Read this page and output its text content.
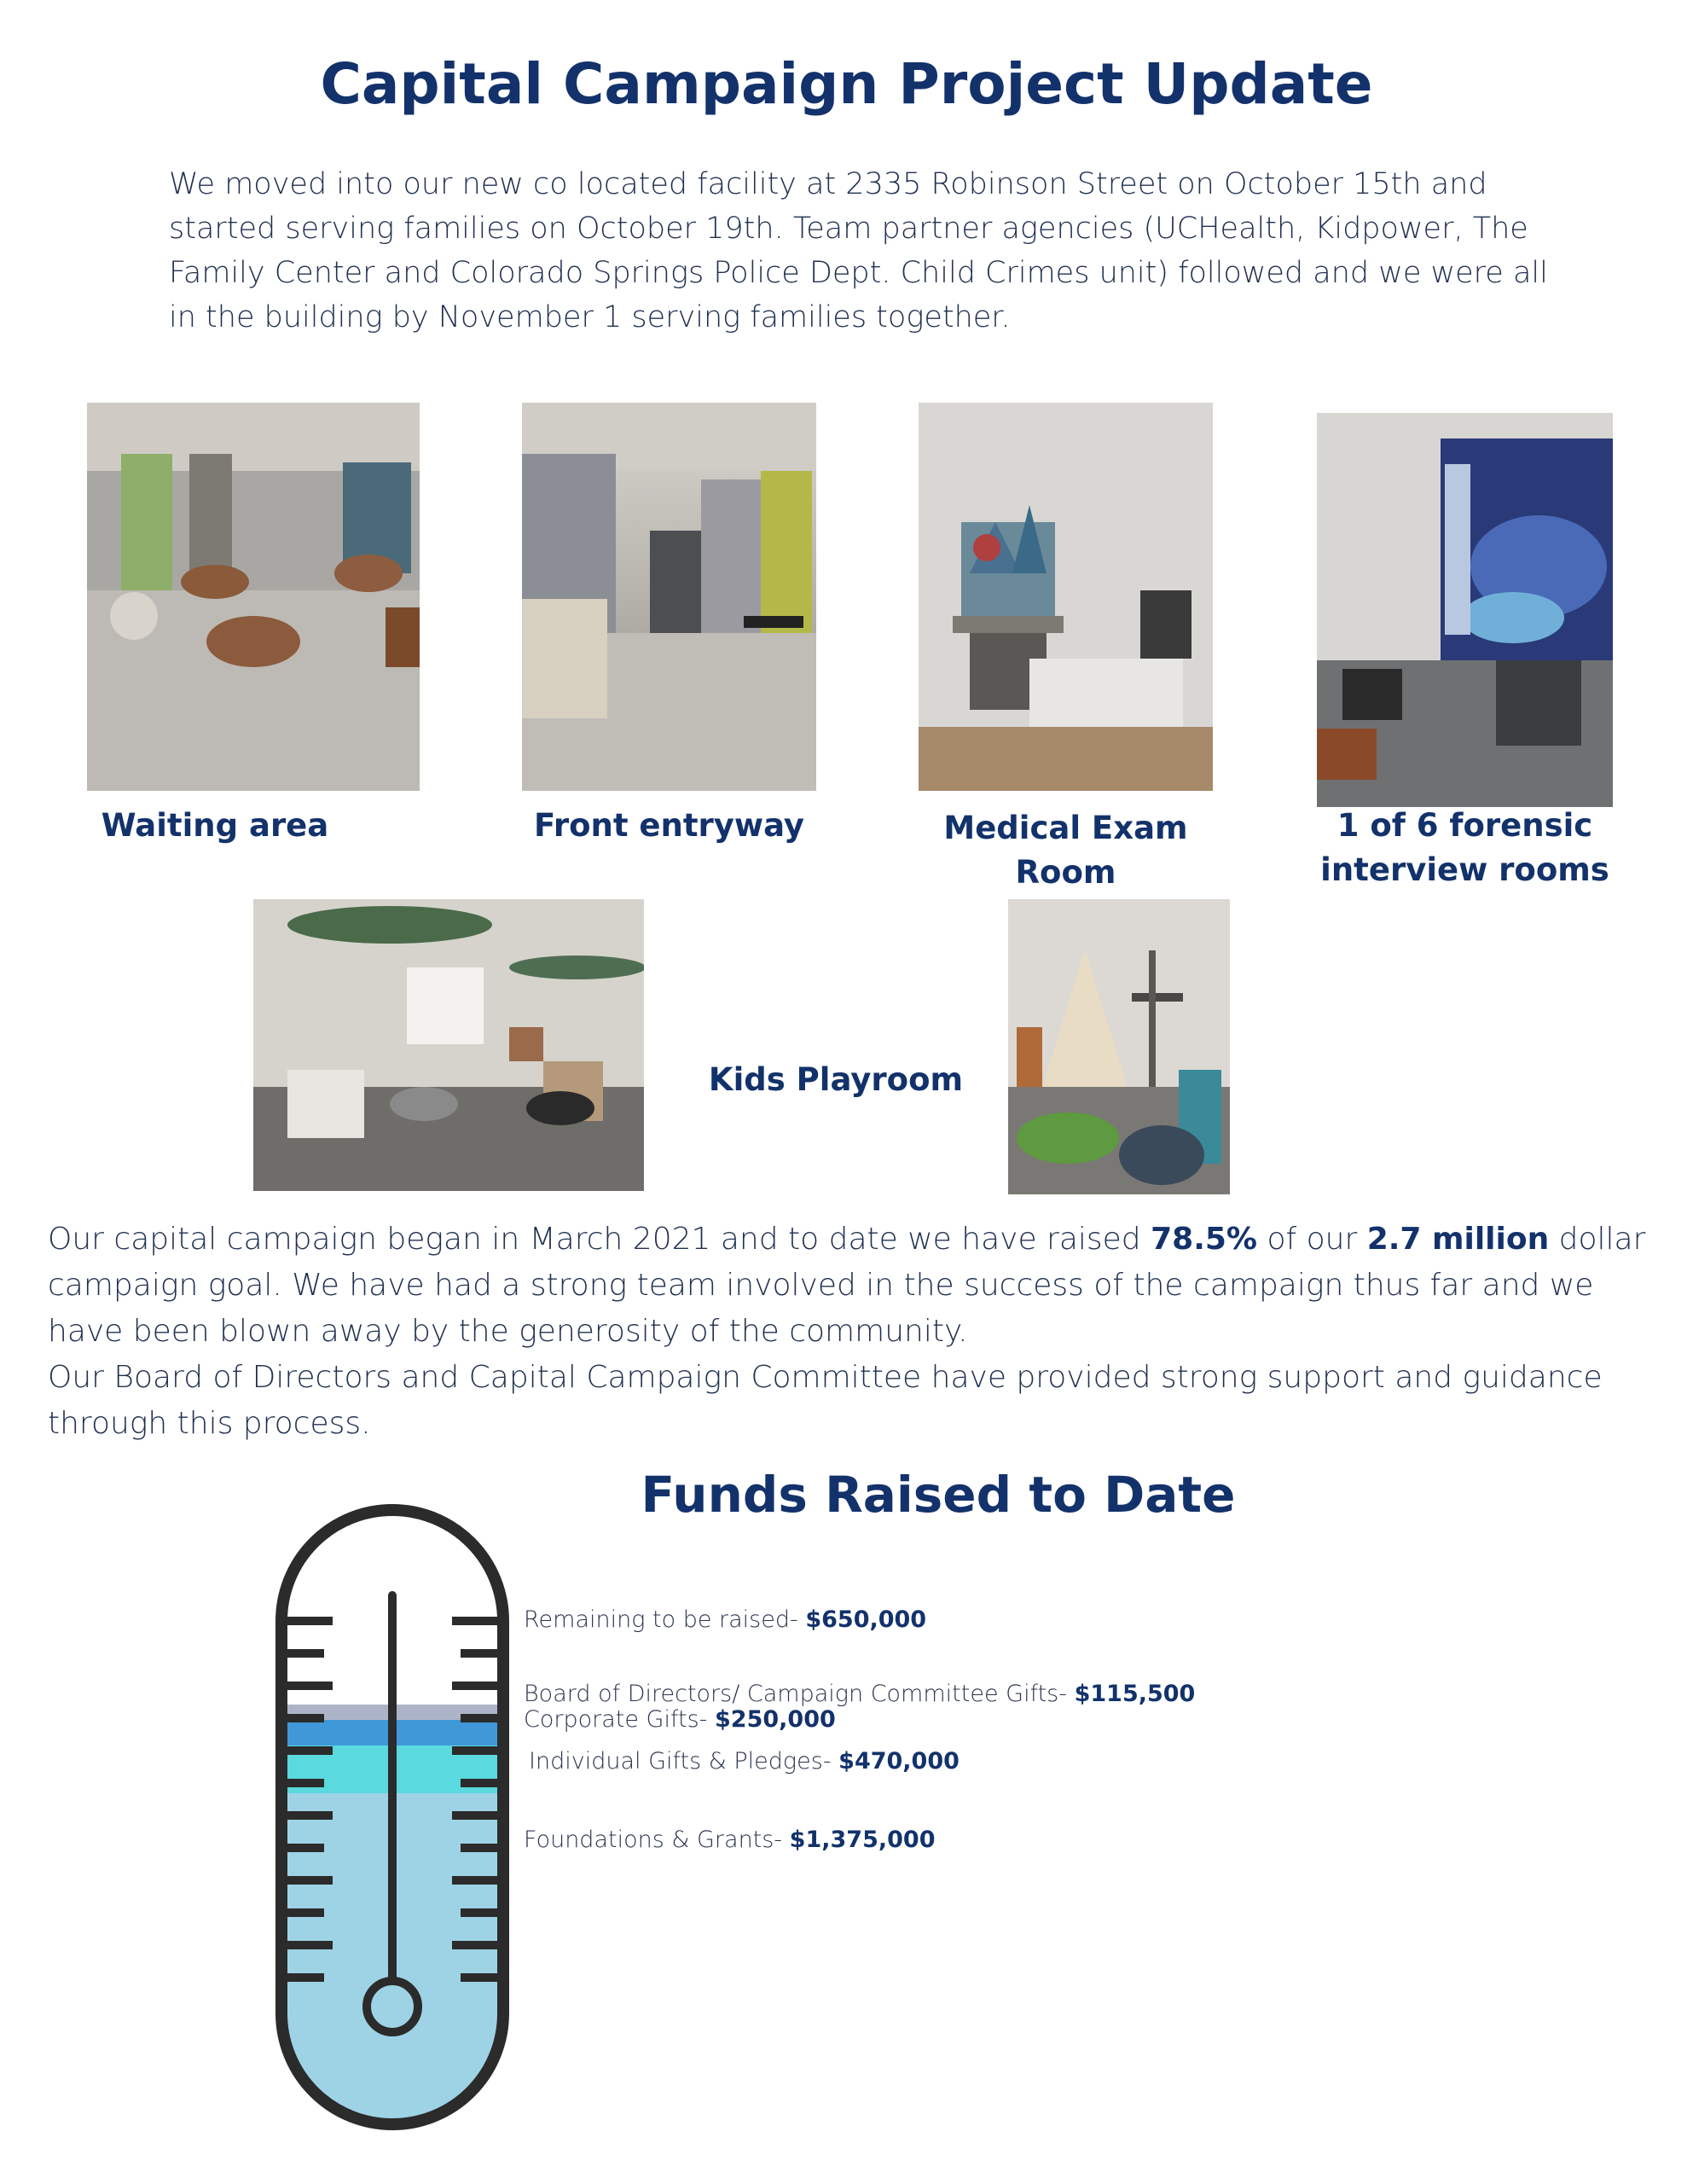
Capital Campaign Project Update
We moved into our new co located facility at 2335 Robinson Street on October 15th and started serving families on October 19th. Team partner agencies (UCHealth, Kidpower, The Family Center and Colorado Springs Police Dept. Child Crimes unit) followed and we were all in the building by November 1 serving families together.
Waiting area	Front entryway	Medical Exam Room
1 of 6 forensic interview rooms
Kids Playroom
Our capital campaign began in March 2021 and to date we have raised 78.5% of our 2.7 million dollar campaign goal. We have had a strong team involved in the success of the campaign thus far and we have been blown away by the generosity of the community.
Our Board of Directors and Capital Campaign Committee have provided strong support and guidance through this process.
Funds Raised to Date
Remaining to be raised- $650,000
Board of Directors/ Campaign Committee Gifts- $115,500
Corporate Gifts- $250,000
Individual Gifts & Pledges- $470,000
Foundations & Grants- $1,375,000
